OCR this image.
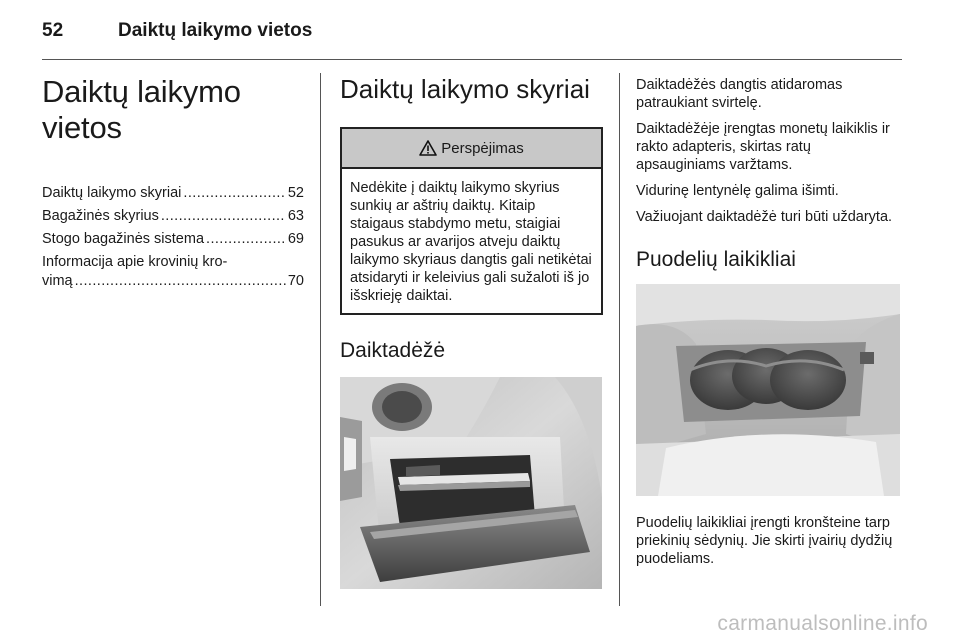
52	Daiktų laikymo vietos
Daiktų laikymo vietos
Daiktų laikymo skyriai .....	52
Bagažinės skyrius .....	63
Stogo bagažinės sistema .....	69
Informacija apie krovinių kro-
vimą .....	70
Daiktų laikymo skyriai
Perspėjimas
Nedėkite į daiktų laikymo skyrius sunkių ar aštrių daiktų. Kitaip staigaus stabdymo metu, staigiai pasukus ar avarijos atveju daiktų laikymo skyriaus dangtis gali netikėtai atsidaryti ir keleivius gali sužaloti iš jo išskrieję daiktai.
Daiktadėžė

Daiktadėžės dangtis atidaromas patraukiant svirtelę.

Daiktadėžėje įrengtas monetų laikiklis ir rakto adapteris, skirtas ratų apsauginiams varžtams.

Vidurinę lentynėlę galima išimti.

Važiuojant daiktadėžė turi būti uždaryta.

Puodelių laikikliai

Puodelių laikikliai įrengti kronšteine tarp priekinių sėdynių. Jie skirti įvairių dydžių puodeliams.

carmanualsonline.info
